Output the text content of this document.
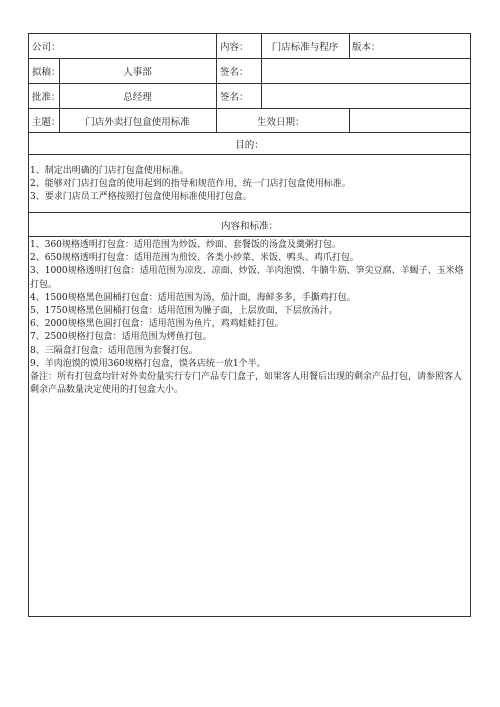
公司：	内容：	门店标准与程序	版本：
拟稿：	人事部	签名：
批准：	总经理	签名：
主题：	门店外卖打包盒使用标准	生效日期：
目的：
1、制定出明确的门店打包盒使用标准。
2、能够对门店打包盒的使用起到的指导和规范作用，统一门店打包盒使用标准。
3、要求门店员工严格按照打包盒使用标准使用打包盒。
内容和标准：
1、360规格透明打包盒：适用范围为炒饭、炒面、套餐饭的汤盒及羹粥打包。
2、650规格透明打包盒：适用范围为煎饺、各类小炒菜、米饭、鸭头、鸡爪打包。
3、1000规格透明打包盒：适用范围为凉皮、凉面、炒饭、羊肉泡馍、牛腩牛筋、笋尖豆腐、羊蝎子、玉米烙打包。
4、1500规格黑色圆桶打包盒：适用范围为汤，茄汁面，海鲜多多，手撕鸡打包。
5、1750规格黑色圆桶打包盒：适用范围为臊子面，上层放面，下层放汤汁。
6、2000规格黑色圆打包盒：适用范围为鱼片，鸡鸡蛙蛙打包。
7、2500规格打包盒：适用范围为烤鱼打包。
8、三隔盒打包盒：适用范围为套餐打包。
9、羊肉泡馍的馍用360规格打包盒，馍各店统一放1个半。
备注：所有打包盒均针对外卖份量实行专门产品专门盒子，如果客人用餐后出现的剩余产品打包，请参照客人剩余产品数量决定使用的打包盒大小。
